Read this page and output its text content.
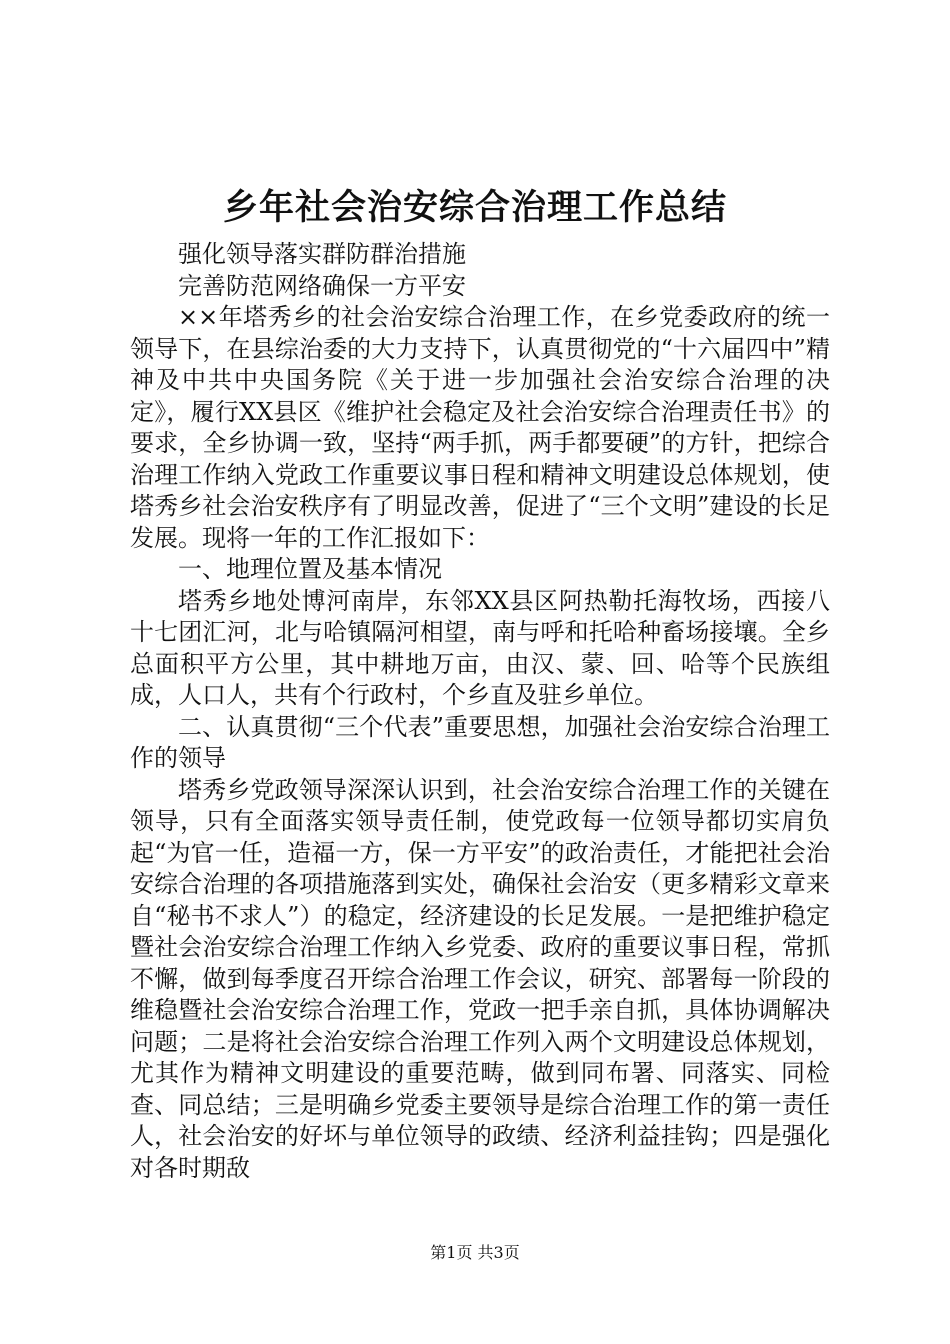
乡年社会治安综合治理工作总结

强化领导落实群防群治措施

完善防范网络确保一方平安

××年塔秀乡的社会治安综合治理工作，在乡党委政府的统一领导下，在县综治委的大力支持下，认真贯彻党的“十六届四中”精神及中共中央国务院《关于进一步加强社会治安综合治理的决定》，履行XX县区《维护社会稳定及社会治安综合治理责任书》的要求，全乡协调一致，坚持“两手抓，两手都要硬”的方针，把综合治理工作纳入党政工作重要议事日程和精神文明建设总体规划，使塔秀乡社会治安秩序有了明显改善，促进了“三个文明”建设的长足发展。现将一年的工作汇报如下：

一、地理位置及基本情况

塔秀乡地处博河南岸，东邻XX县区阿热勒托海牧场，西接八十七团汇河，北与哈镇隔河相望，南与呼和托哈种畜场接壤。全乡总面积平方公里，其中耕地万亩，由汉、蒙、回、哈等个民族组成，人口人，共有个行政村，个乡直及驻乡单位。

二、认真贯彻“三个代表”重要思想，加强社会治安综合治理工作的领导

塔秀乡党政领导深深认识到，社会治安综合治理工作的关键在领导，只有全面落实领导责任制，使党政每一位领导都切实肩负起“为官一任，造福一方，保一方平安”的政治责任，才能把社会治安综合治理的各项措施落到实处，确保社会治安（更多精彩文章来自“秘书不求人”）的稳定，经济建设的长足发展。一是把维护稳定暨社会治安综合治理工作纳入乡党委、政府的重要议事日程，常抓不懈，做到每季度召开综合治理工作会议，研究、部署每一阶段的维稳暨社会治安综合治理工作，党政一把手亲自抓，具体协调解决问题；二是将社会治安综合治理工作列入两个文明建设总体规划，尤其作为精神文明建设的重要范畴，做到同布署、同落实、同检查、同总结；三是明确乡党委主要领导是综合治理工作的第一责任人，社会治安的好坏与单位领导的政绩、经济利益挂钩；四是强化对各时期敌

第1页 共3页
